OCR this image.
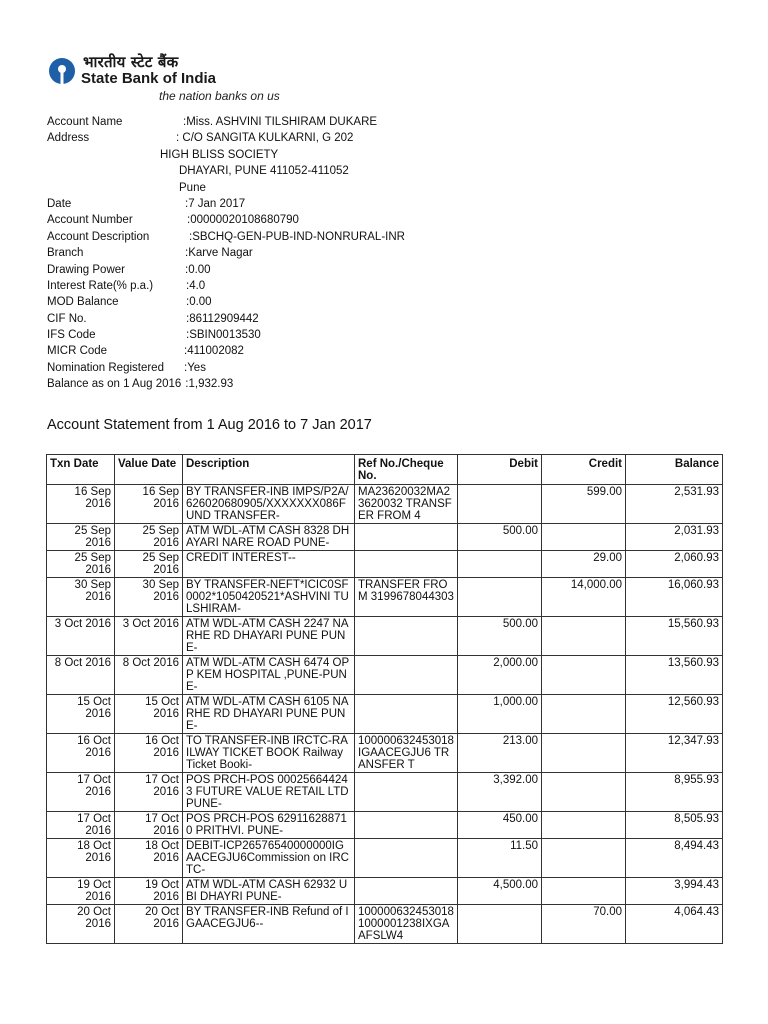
भारतीय स्टेट बैंक
State Bank of India
the nation banks on us
Account Name	:Miss. ASHVINI TILSHIRAM DUKARE
Address	: C/O SANGITA KULKARNI, G 202
HIGH BLISS SOCIETY
DHAYARI, PUNE 411052-411052
Pune
Date	:7 Jan 2017
Account Number	:00000020108680790
Account Description	:SBCHQ-GEN-PUB-IND-NONRURAL-INR
Branch	:Karve Nagar
Drawing Power	:0.00
Interest Rate(% p.a.)	:4.0
MOD Balance	:0.00
CIF No.	:86112909442
IFS Code	:SBIN0013530
MICR Code	:411002082
Nomination Registered :Yes
Balance as on 1 Aug 2016 :1,932.93
Account Statement from 1 Aug 2016 to 7 Jan 2017
Txn Date	Value Date	Description	Ref No./Cheque No.	Debit	Credit	Balance
16 Sep 2016	16 Sep 2016	BY TRANSFER-INB IMPS/P2A/626020680905/XXXXXXX086FUND TRANSFER-	MA23620032MA23620032 TRANSFER FROM 4		599.00	2,531.93
25 Sep 2016	25 Sep 2016	ATM WDL-ATM CASH 8328 DHAYARI NARE ROAD PUNE-		500.00		2,031.93
25 Sep 2016	25 Sep 2016	CREDIT INTEREST--			29.00	2,060.93
30 Sep 2016	30 Sep 2016	BY TRANSFER-NEFT*ICIC0SF0002*1050420521*ASHVINI TULSHIRAM-	TRANSFER FROM 3199678044303		14,000.00	16,060.93
3 Oct 2016	3 Oct 2016	ATM WDL-ATM CASH 2247 NARHE RD DHAYARI PUNE PUNE-		500.00		15,560.93
8 Oct 2016	8 Oct 2016	ATM WDL-ATM CASH 6474 OPP KEM HOSPITAL ,PUNE-PUNE-		2,000.00		13,560.93
15 Oct 2016	15 Oct 2016	ATM WDL-ATM CASH 6105 NARHE RD DHAYARI PUNE PUNE-		1,000.00		12,560.93
16 Oct 2016	16 Oct 2016	TO TRANSFER-INB IRCTC-RAILWAY TICKET BOOK Railway Ticket Booki-	100000632453018 IGAACEGJU6 TRANSFER T	213.00		12,347.93
17 Oct 2016	17 Oct 2016	POS PRCH-POS 000256644243 FUTURE VALUE RETAIL LTDPUNE-		3,392.00		8,955.93
17 Oct 2016	17 Oct 2016	POS PRCH-POS 629116288710 PRITHVI. PUNE-		450.00		8,505.93
18 Oct 2016	18 Oct 2016	DEBIT-ICP26576540000000IGAACEGJU6Commission on IRCTC-		11.50		8,494.43
19 Oct 2016	19 Oct 2016	ATM WDL-ATM CASH 62932 UBI DHAYRI PUNE-		4,500.00		3,994.43
20 Oct 2016	20 Oct 2016	BY TRANSFER-INB Refund of IGAACEGJU6--	100000632453018 1000001238IXGAAFSLW4		70.00	4,064.43
